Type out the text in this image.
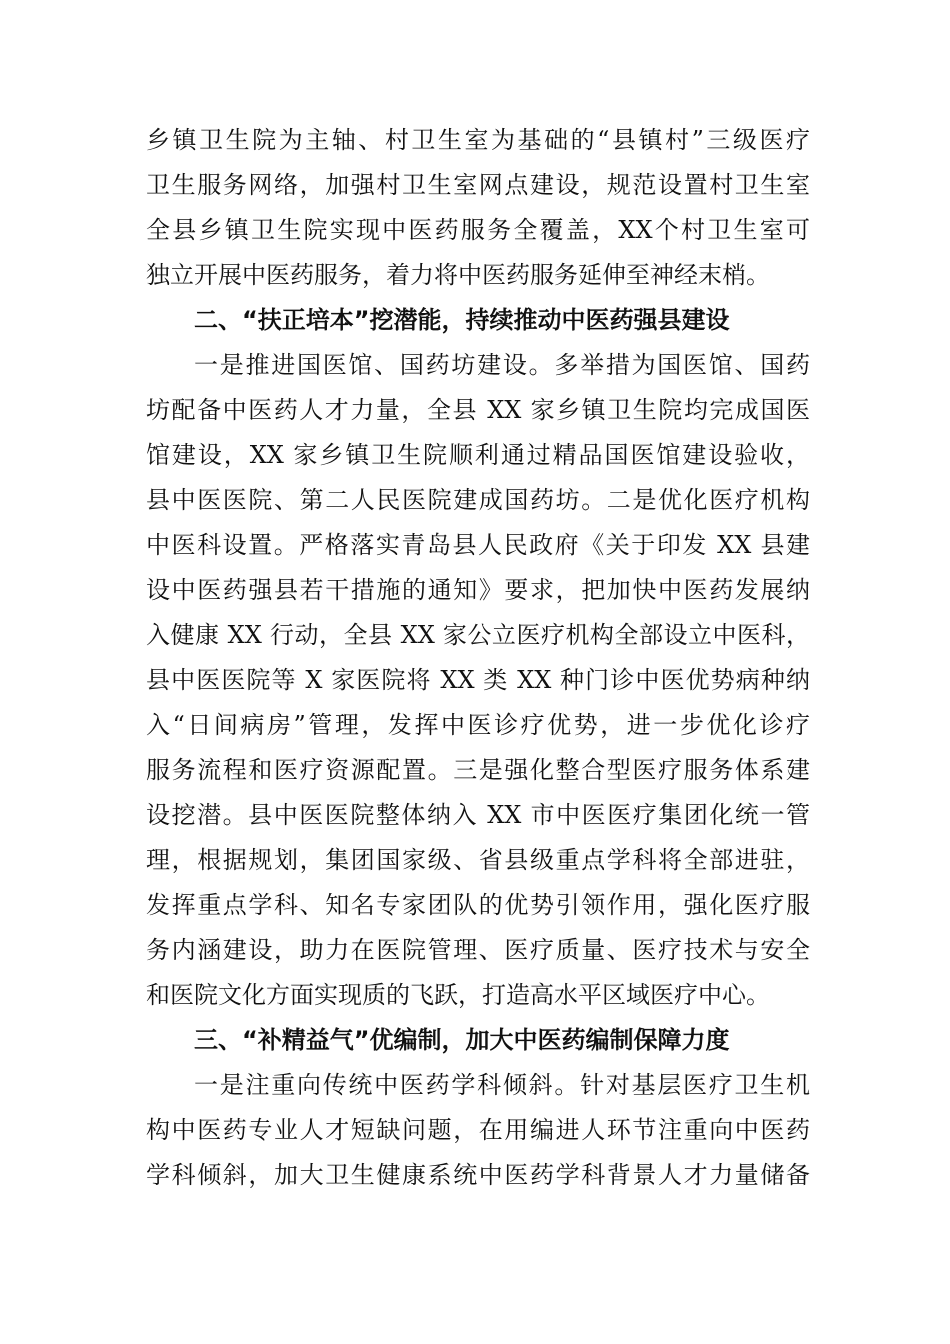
乡镇卫生院为主轴、村卫生室为基础的“县镇村”三级医疗
卫生服务网络，加强村卫生室网点建设，规范设置村卫生室
全县乡镇卫生院实现中医药服务全覆盖，XX个村卫生室可
独立开展中医药服务，着力将中医药服务延伸至神经末梢。
二、“扶正培本”挖潜能，持续推动中医药强县建设
一是推进国医馆、国药坊建设。多举措为国医馆、国药
坊配备中医药人才力量，全县 XX 家乡镇卫生院均完成国医
馆建设，XX 家乡镇卫生院顺利通过精品国医馆建设验收，
县中医医院、第二人民医院建成国药坊。二是优化医疗机构
中医科设置。严格落实青岛县人民政府《关于印发 XX 县建
设中医药强县若干措施的通知》要求，把加快中医药发展纳
入健康 XX 行动，全县 XX 家公立医疗机构全部设立中医科，
县中医医院等 X 家医院将 XX 类 XX 种门诊中医优势病种纳
入“日间病房”管理，发挥中医诊疗优势，进一步优化诊疗
服务流程和医疗资源配置。三是强化整合型医疗服务体系建
设挖潜。县中医医院整体纳入 XX 市中医医疗集团化统一管
理，根据规划，集团国家级、省县级重点学科将全部进驻，
发挥重点学科、知名专家团队的优势引领作用，强化医疗服
务内涵建设，助力在医院管理、医疗质量、医疗技术与安全
和医院文化方面实现质的飞跃，打造高水平区域医疗中心。
三、“补精益气”优编制，加大中医药编制保障力度
一是注重向传统中医药学科倾斜。针对基层医疗卫生机
构中医药专业人才短缺问题，在用编进人环节注重向中医药
学科倾斜，加大卫生健康系统中医药学科背景人才力量储备
